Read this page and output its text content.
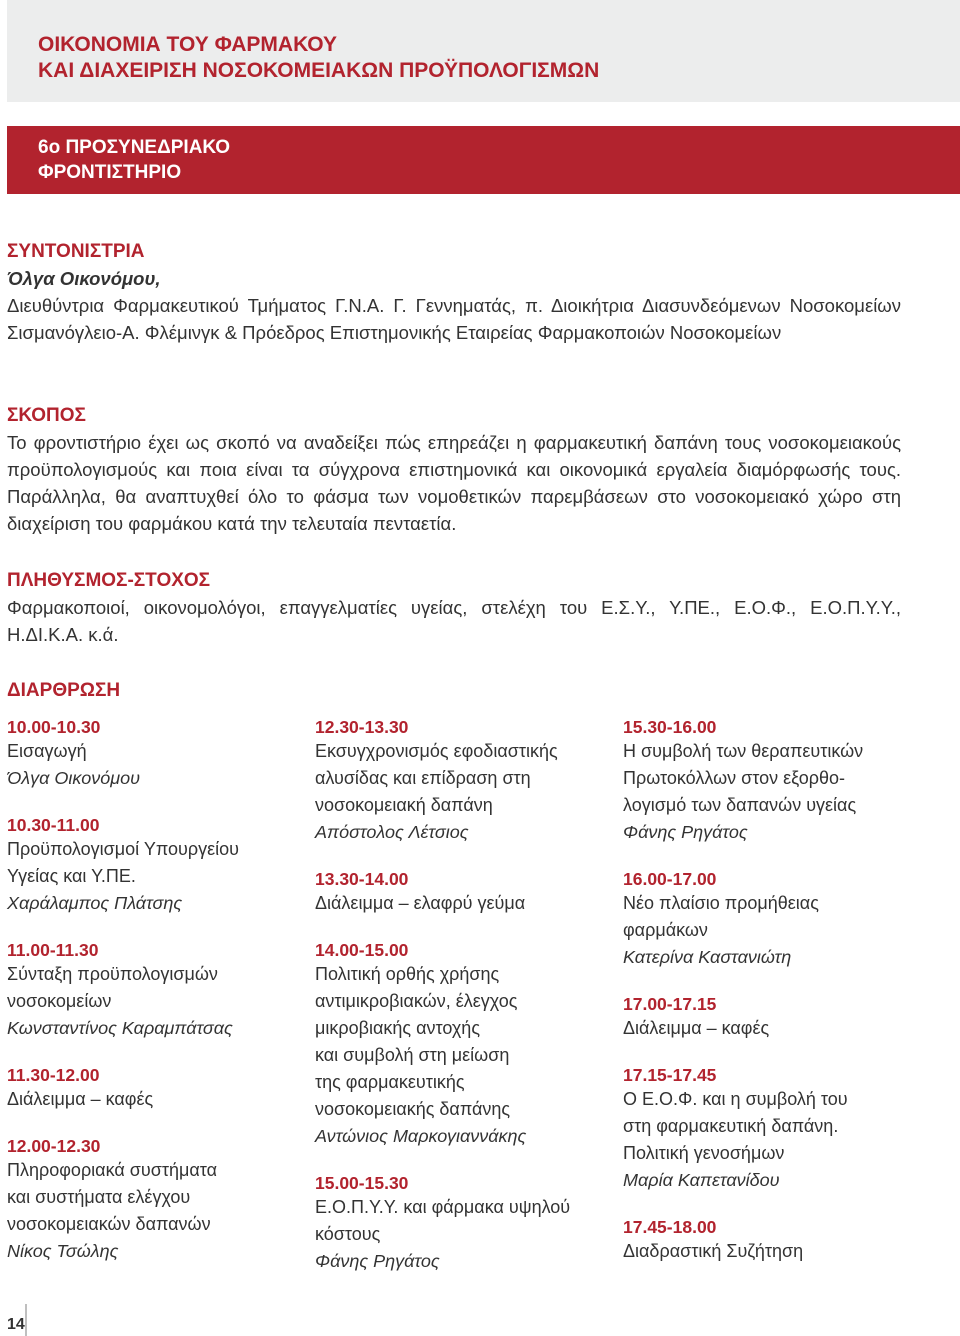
ΟΙΚΟΝΟΜΙΑ ΤΟΥ ΦΑΡΜΑΚΟΥ
ΚΑΙ ΔΙΑΧΕΙΡΙΣΗ ΝΟΣΟΚΟΜΕΙΑΚΩΝ ΠΡΟΫΠΟΛΟΓΙΣΜΩΝ
6ο ΠΡΟΣΥΝΕΔΡΙΑΚΟ
ΦΡΟΝΤΙΣΤΗΡΙΟ
ΣΥΝΤΟΝΙΣΤΡΙΑ
Όλγα Οικονόμου,
Διευθύντρια Φαρμακευτικού Τμήματος Γ.Ν.Α. Γ. Γεννηματάς, π. Διοικήτρια Διασυνδεόμενων Νοσοκομείων Σισμανόγλειο-Α. Φλέμινγκ & Πρόεδρος Επιστημονικής Εταιρείας Φαρμακοποιών Νοσοκομείων
ΣΚΟΠΟΣ
Το φροντιστήριο έχει ως σκοπό να αναδείξει πώς επηρεάζει η φαρμακευτική δαπάνη τους νοσοκομειακούς προϋπολογισμούς και ποια είναι τα σύγχρονα επιστημονικά και οικονομικά εργαλεία διαμόρφωσής τους. Παράλληλα, θα αναπτυχθεί όλο το φάσμα των νομοθετικών παρεμβάσεων στο νοσοκομειακό χώρο στη διαχείριση του φαρμάκου κατά την τελευταία πενταετία.
ΠΛΗΘΥΣΜΟΣ-ΣΤΟΧΟΣ
Φαρμακοποιοί, οικονομολόγοι, επαγγελματίες υγείας, στελέχη του Ε.Σ.Υ., Υ.ΠΕ., Ε.Ο.Φ., Ε.Ο.Π.Υ.Υ., Η.ΔΙ.Κ.Α. κ.ά.
ΔΙΑΡΘΡΩΣΗ
10.00-10.30
Εισαγωγή
Όλγα Οικονόμου
10.30-11.00
Προϋπολογισμοί Υπουργείου
Υγείας και Υ.ΠΕ.
Χαράλαμπος Πλάτσης
11.00-11.30
Σύνταξη προϋπολογισμών
νοσοκομείων
Κωνσταντίνος Καραμπάτσας
11.30-12.00
Διάλειμμα – καφές
12.00-12.30
Πληροφοριακά συστήματα
και συστήματα ελέγχου
νοσοκομειακών δαπανών
Νίκος Τσώλης
12.30-13.30
Εκσυγχρονισμός εφοδιαστικής
αλυσίδας και επίδραση στη
νοσοκομειακή δαπάνη
Απόστολος Λέτσιος
13.30-14.00
Διάλειμμα – ελαφρύ γεύμα
14.00-15.00
Πολιτική ορθής χρήσης
αντιμικροβιακών, έλεγχος
μικροβιακής αντοχής
και συμβολή στη μείωση
της φαρμακευτικής
νοσοκομειακής δαπάνης
Αντώνιος Μαρκογιαννάκης
15.00-15.30
Ε.Ο.Π.Υ.Υ. και φάρμακα υψηλού
κόστους
Φάνης Ρηγάτος
15.30-16.00
Η συμβολή των θεραπευτικών
Πρωτοκόλλων στον εξορθο-
λογισμό των δαπανών υγείας
Φάνης Ρηγάτος
16.00-17.00
Νέο πλαίσιο προμήθειας
φαρμάκων
Κατερίνα Καστανιώτη
17.00-17.15
Διάλειμμα – καφές
17.15-17.45
Ο Ε.Ο.Φ. και η συμβολή του
στη φαρμακευτική δαπάνη.
Πολιτική γενοσήμων
Μαρία Καπετανίδου
17.45-18.00
Διαδραστική Συζήτηση
14
